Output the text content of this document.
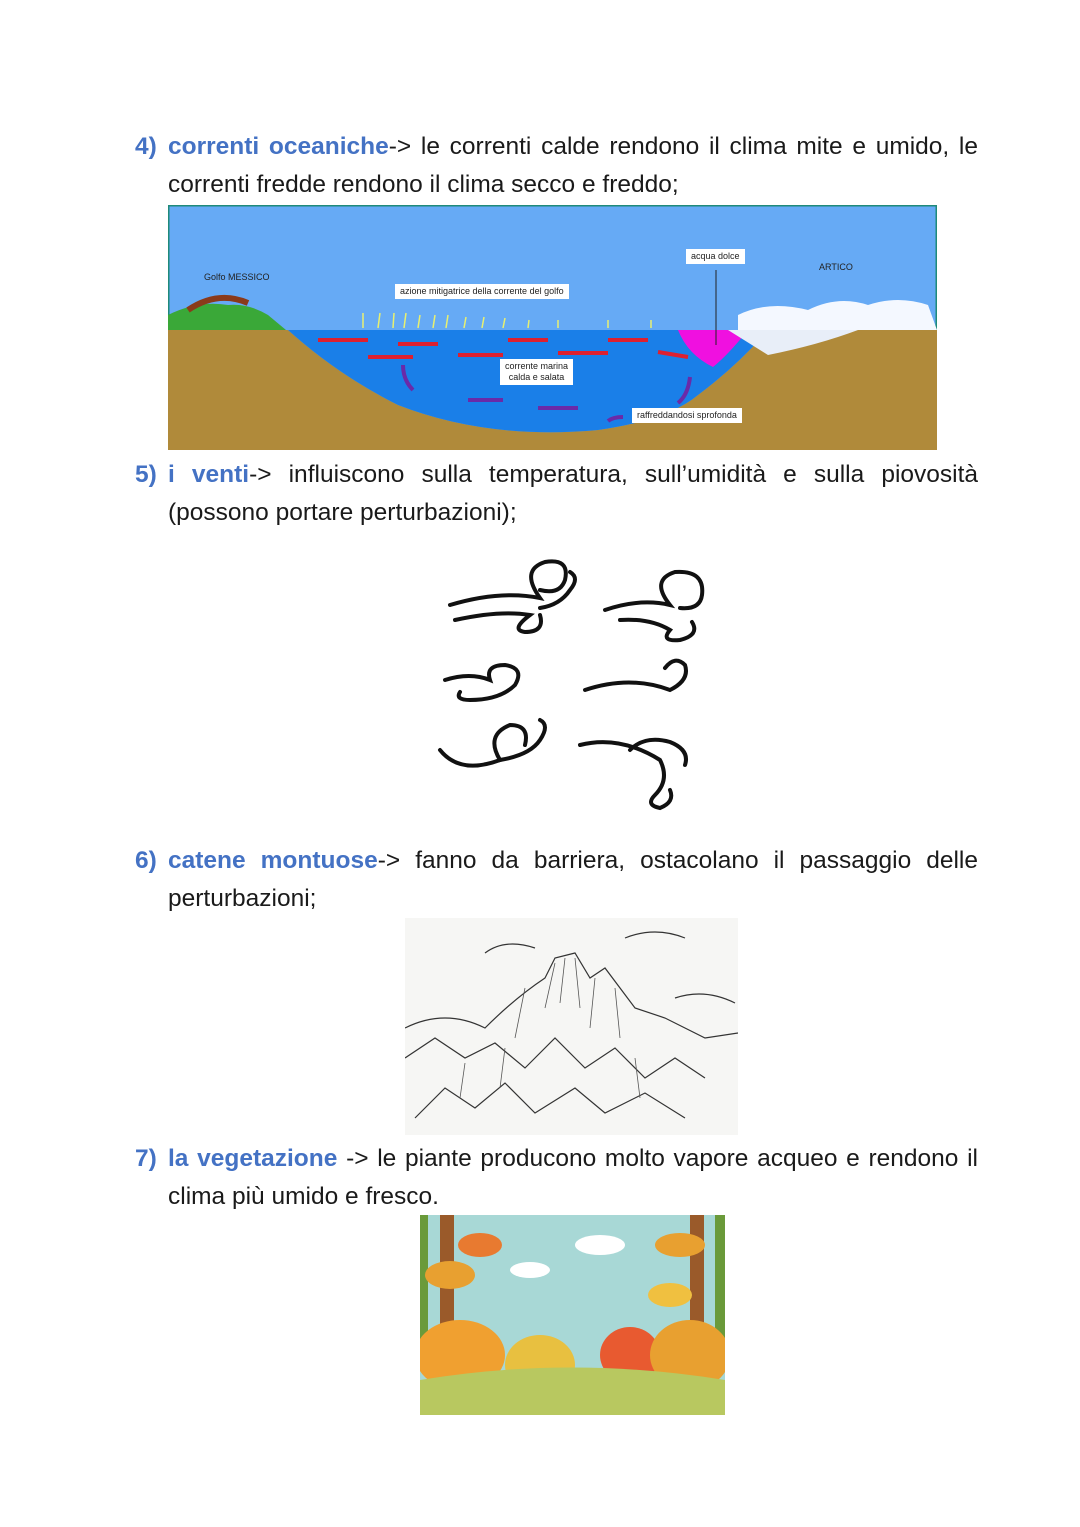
4) correnti oceaniche-> le correnti calde rendono il clima mite e umido, le correnti fredde rendono il clima secco e freddo;
Golfo MESSICO
ARTICO
acqua dolce
azione mitigatrice della corrente del golfo
corrente marina
calda e salata
raffreddandosi sprofonda
5) i venti-> influiscono sulla temperatura, sull’umidità e sulla piovosità (possono portare perturbazioni);
6) catene montuose-> fanno da barriera, ostacolano il passaggio delle perturbazioni;
7) la vegetazione -> le piante producono molto vapore acqueo e rendono il clima più umido e fresco.
